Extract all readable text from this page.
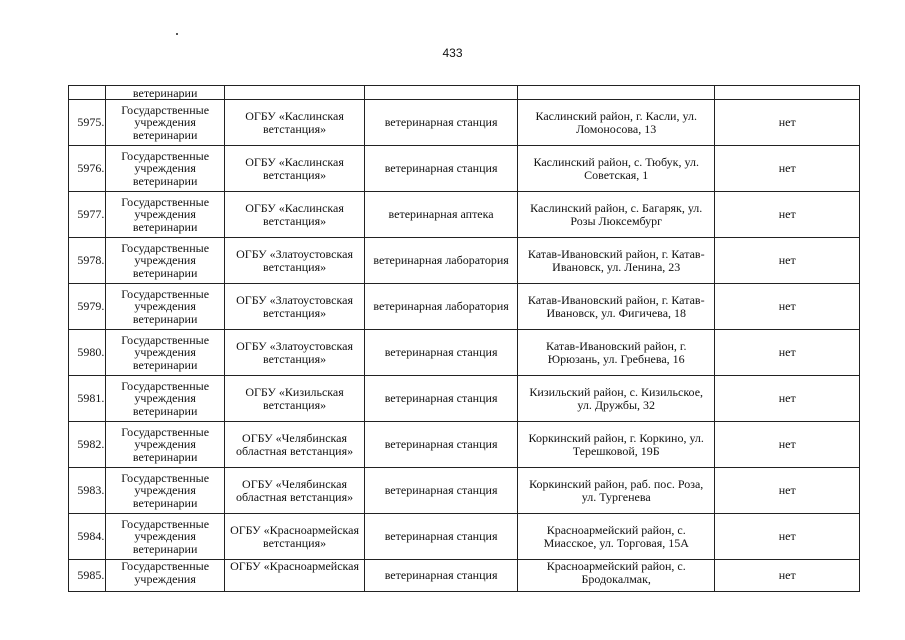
433
	ветеринарии				
5975.	Государственные учреждения ветеринарии	ОГБУ «Каслинская ветстанция»	ветеринарная станция	Каслинский район, г. Касли, ул. Ломоносова, 13	нет
5976.	Государственные учреждения ветеринарии	ОГБУ «Каслинская ветстанция»	ветеринарная станция	Каслинский район, с. Тюбук, ул. Советская, 1	нет
5977.	Государственные учреждения ветеринарии	ОГБУ «Каслинская ветстанция»	ветеринарная аптека	Каслинский район, с. Багаряк, ул. Розы Люксембург	нет
5978.	Государственные учреждения ветеринарии	ОГБУ «Златоустовская ветстанция»	ветеринарная лаборатория	Катав-Ивановский район, г. Катав-Ивановск, ул. Ленина, 23	нет
5979.	Государственные учреждения ветеринарии	ОГБУ «Златоустовская ветстанция»	ветеринарная лаборатория	Катав-Ивановский район, г. Катав-Ивановск, ул. Фигичева, 18	нет
5980.	Государственные учреждения ветеринарии	ОГБУ «Златоустовская ветстанция»	ветеринарная станция	Катав-Ивановский район, г. Юрюзань, ул. Гребнева, 16	нет
5981.	Государственные учреждения ветеринарии	ОГБУ «Кизильская ветстанция»	ветеринарная станция	Кизильский район, с. Кизильское, ул. Дружбы, 32	нет
5982.	Государственные учреждения ветеринарии	ОГБУ «Челябинская областная ветстанция»	ветеринарная станция	Коркинский район, г. Коркино, ул. Терешковой, 19Б	нет
5983.	Государственные учреждения ветеринарии	ОГБУ «Челябинская областная ветстанция»	ветеринарная станция	Коркинский район, раб. пос. Роза, ул. Тургенева	нет
5984.	Государственные учреждения ветеринарии	ОГБУ «Красноармейская ветстанция»	ветеринарная станция	Красноармейский район, с. Миасское, ул. Торговая, 15А	нет
5985.	Государственные учреждения	ОГБУ «Красноармейская	ветеринарная станция	Красноармейский район, с. Бродокалмак,	нет
